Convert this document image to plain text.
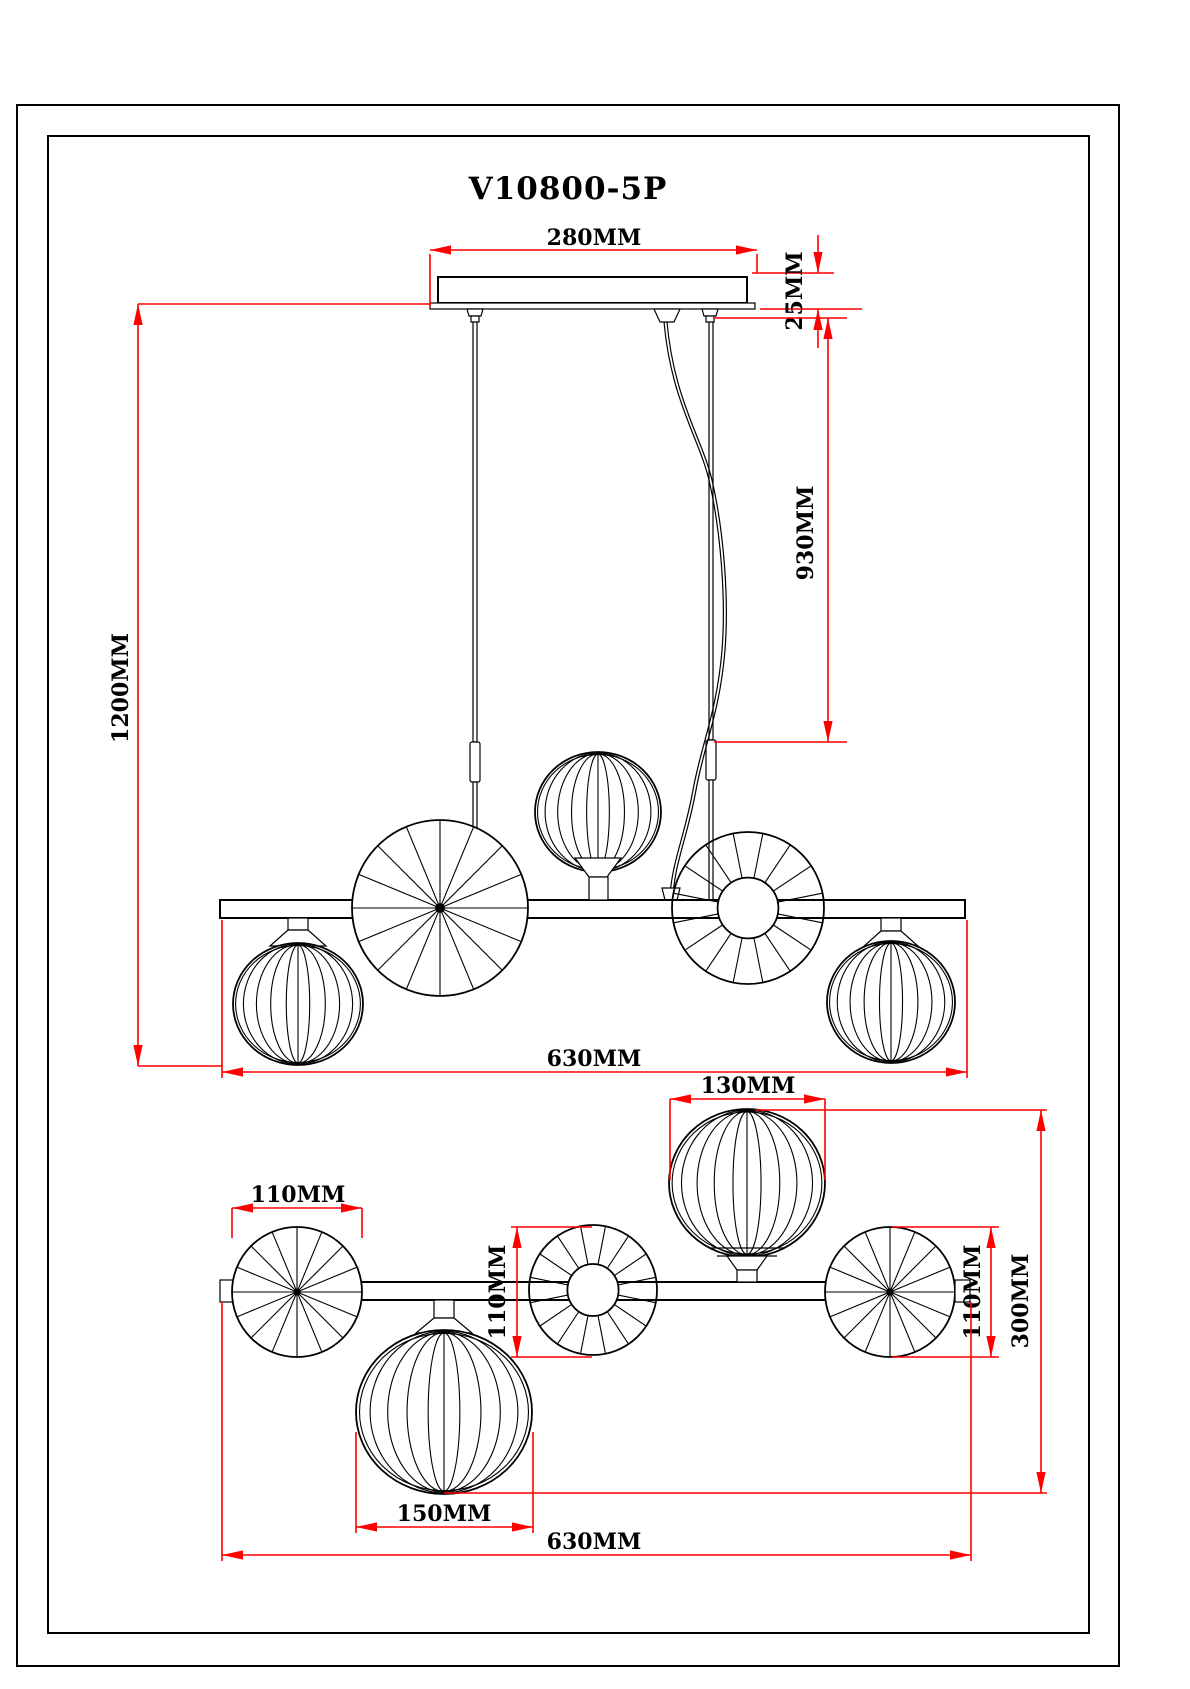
V10800-5P
280MM
25MM
1200MM
930MM
630MM
110MM
130MM
110MM	110MM 300MM
150MM
630MM
